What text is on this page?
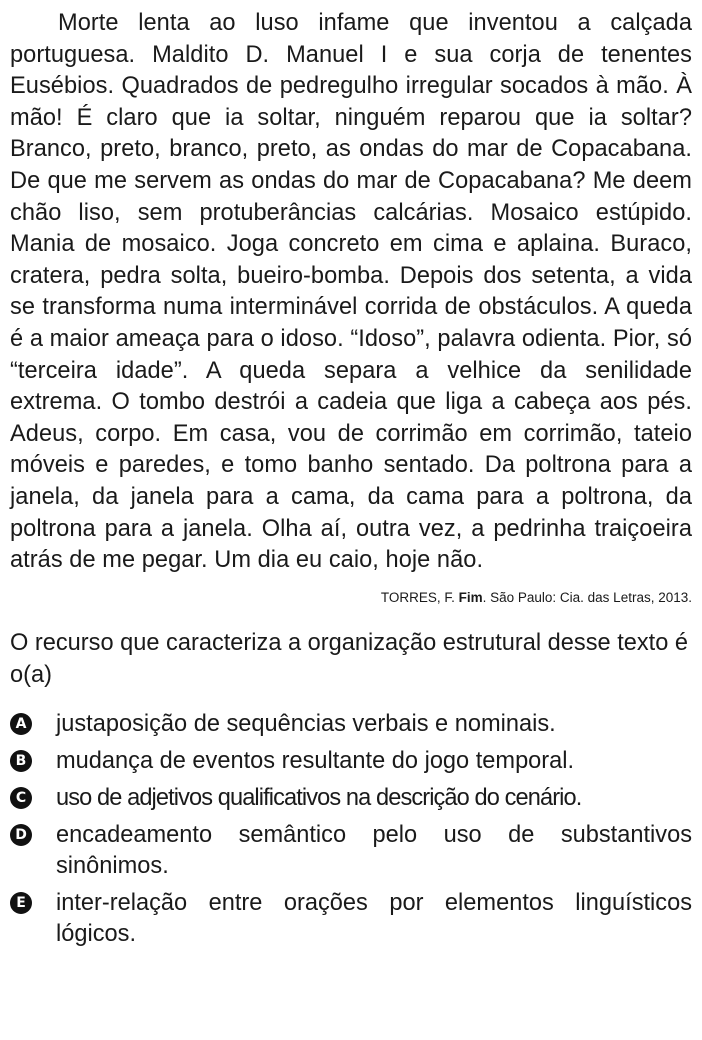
Morte lenta ao luso infame que inventou a calçada portuguesa. Maldito D. Manuel I e sua corja de tenentes Eusébios. Quadrados de pedregulho irregular socados à mão. À mão! É claro que ia soltar, ninguém reparou que ia soltar? Branco, preto, branco, preto, as ondas do mar de Copacabana. De que me servem as ondas do mar de Copacabana? Me deem chão liso, sem protuberâncias calcárias. Mosaico estúpido. Mania de mosaico. Joga concreto em cima e aplaina. Buraco, cratera, pedra solta, bueiro-bomba. Depois dos setenta, a vida se transforma numa interminável corrida de obstáculos. A queda é a maior ameaça para o idoso. “Idoso”, palavra odienta. Pior, só “terceira idade”. A queda separa a velhice da senilidade extrema. O tombo destrói a cadeia que liga a cabeça aos pés. Adeus, corpo. Em casa, vou de corrimão em corrimão, tateio móveis e paredes, e tomo banho sentado. Da poltrona para a janela, da janela para a cama, da cama para a poltrona, da poltrona para a janela. Olha aí, outra vez, a pedrinha traiçoeira atrás de me pegar. Um dia eu caio, hoje não.

TORRES, F. Fim. São Paulo: Cia. das Letras, 2013.

O recurso que caracteriza a organização estrutural desse texto é o(a)

A justaposição de sequências verbais e nominais.
B mudança de eventos resultante do jogo temporal.
C uso de adjetivos qualificativos na descrição do cenário.
D encadeamento semântico pelo uso de substantivos sinônimos.
E inter-relação entre orações por elementos linguísticos lógicos.
